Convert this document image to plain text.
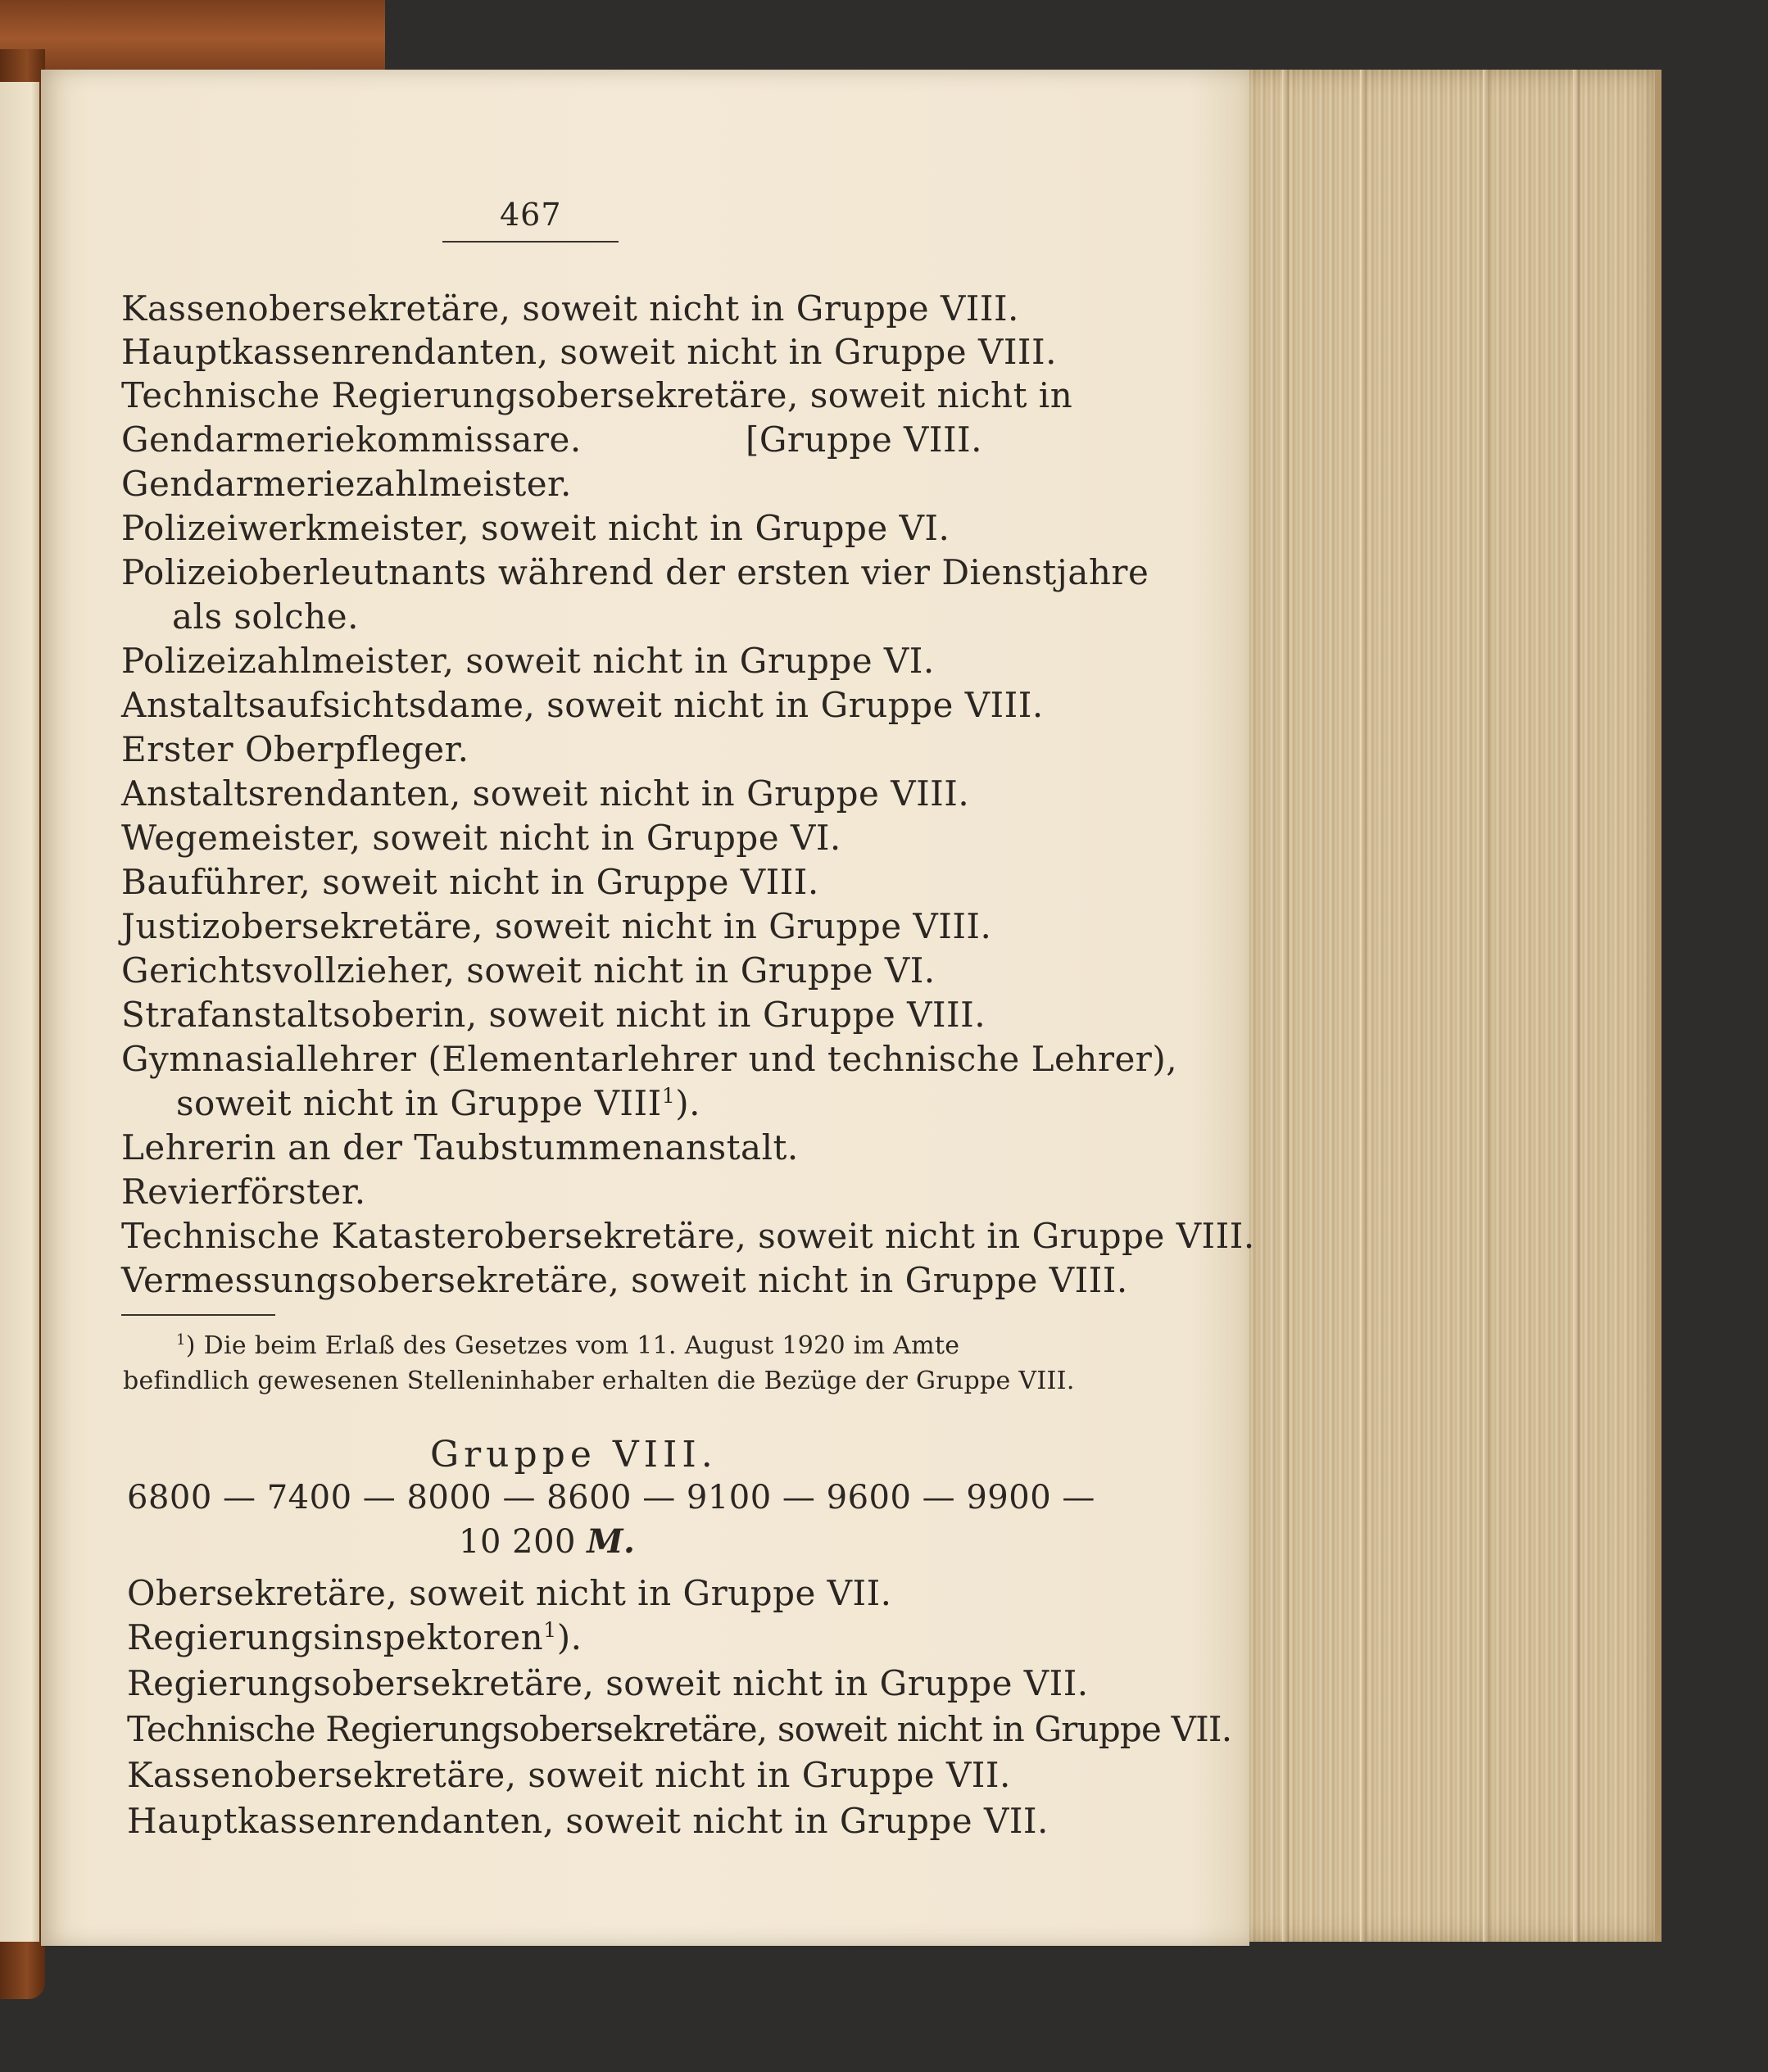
467
Kassenobersekretäre, soweit nicht in Gruppe VIII.
Hauptkassenrendanten, soweit nicht in Gruppe VIII.
Technische Regierungsobersekretäre, soweit nicht in
Gendarmeriekommissare.	[Gruppe VIII.
Gendarmeriezahlmeister.
Polizeiwerkmeister, soweit nicht in Gruppe VI.
Polizeioberleutnants während der ersten vier Dienstjahre
als solche.
Polizeizahlmeister, soweit nicht in Gruppe VI.
Anstaltsaufsichtsdame, soweit nicht in Gruppe VIII.
Erster Oberpfleger.
Anstaltsrendanten, soweit nicht in Gruppe VIII.
Wegemeister, soweit nicht in Gruppe VI.
Bauführer, soweit nicht in Gruppe VIII.
Justizobersekretäre, soweit nicht in Gruppe VIII.
Gerichtsvollzieher, soweit nicht in Gruppe VI.
Strafanstaltsoberin, soweit nicht in Gruppe VIII.
Gymnasiallehrer (Elementarlehrer und technische Lehrer),
soweit nicht in Gruppe VIII$^1$).
Lehrerin an der Taubstummenanstalt.
Revierförster.
Technische Katasterobersekretäre, soweit nicht in Gruppe VIII.
Vermessungsobersekretäre, soweit nicht in Gruppe VIII.
$^1$) Die beim Erlaß des Gesetzes vom 11. August 1920 im Amte
befindlich gewesenen Stelleninhaber erhalten die Bezüge der Gruppe VIII.
Gruppe VIII.
6800 — 7400 — 8000 — 8600 — 9100 — 9600 — 9900 —
10 200 M.
Obersekretäre, soweit nicht in Gruppe VII.
Regierungsinspektoren$^1$).
Regierungsobersekretäre, soweit nicht in Gruppe VII.
Technische Regierungsobersekretäre, soweit nicht in Gruppe VII.
Kassenobersekretäre, soweit nicht in Gruppe VII.
Hauptkassenrendanten, soweit nicht in Gruppe VII.
